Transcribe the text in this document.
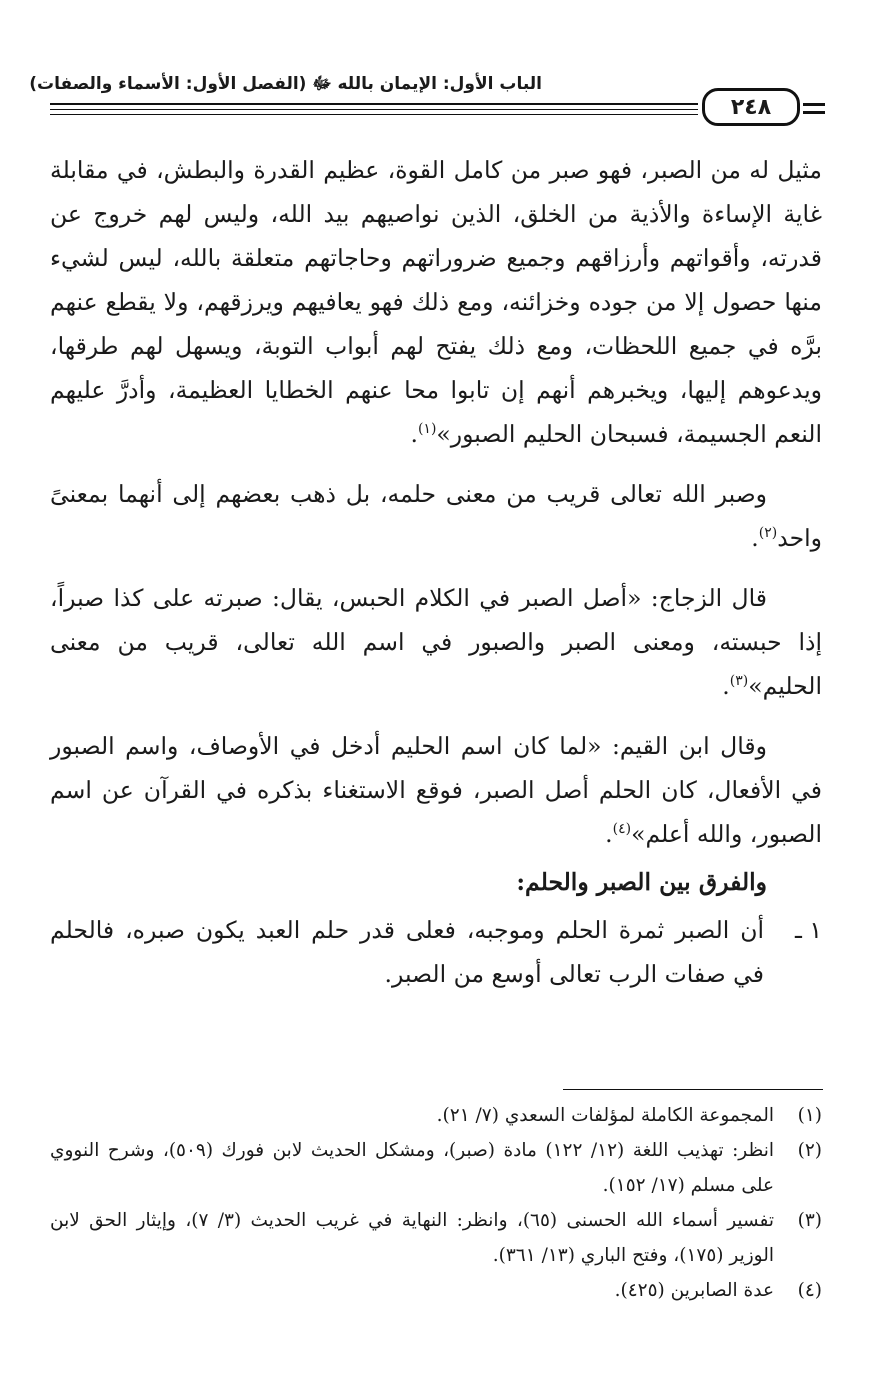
الباب الأول: الإيمان بالله ﷻ (الفصل الأول: الأسماء والصفات)
٢٤٨

مثيل له من الصبر، فهو صبر من كامل القوة، عظيم القدرة والبطش، في مقابلة غاية الإساءة والأذية من الخلق، الذين نواصيهم بيد الله، وليس لهم خروج عن قدرته، وأقواتهم وأرزاقهم وجميع ضروراتهم وحاجاتهم متعلقة بالله، ليس لشيء منها حصول إلا من جوده وخزائنه، ومع ذلك فهو يعافيهم ويرزقهم، ولا يقطع عنهم برَّه في جميع اللحظات، ومع ذلك يفتح لهم أبواب التوبة، ويسهل لهم طرقها، ويدعوهم إليها، ويخبرهم أنهم إن تابوا محا عنهم الخطايا العظيمة، وأدرَّ عليهم النعم الجسيمة، فسبحان الحليم الصبور»$^{(١)}$.

وصبر الله تعالى قريب من معنى حلمه، بل ذهب بعضهم إلى أنهما بمعنىً واحد$^{(٢)}$.

قال الزجاج: «أصل الصبر في الكلام الحبس، يقال: صبرته على كذا صبراً، إذا حبسته، ومعنى الصبر والصبور في اسم الله تعالى، قريب من معنى الحليم»$^{(٣)}$.

وقال ابن القيم: «لما كان اسم الحليم أدخل في الأوصاف، واسم الصبور في الأفعال، كان الحلم أصل الصبر، فوقع الاستغناء بذكره في القرآن عن اسم الصبور، والله أعلم»$^{(٤)}$.

والفرق بين الصبر والحلم:

١ ـ
أن الصبر ثمرة الحلم وموجبه، فعلى قدر حلم العبد يكون صبره، فالحلم في صفات الرب تعالى أوسع من الصبر.
(١)
المجموعة الكاملة لمؤلفات السعدي (٧/ ٢١).
(٢)
انظر: تهذيب اللغة (١٢/ ١٢٢) مادة (صبر)، ومشكل الحديث لابن فورك (٥٠٩)، وشرح النووي على مسلم (١٧/ ١٥٢).
(٣)
تفسير أسماء الله الحسنى (٦٥)، وانظر: النهاية في غريب الحديث (٣/ ٧)، وإيثار الحق لابن الوزير (١٧٥)، وفتح الباري (١٣/ ٣٦١).
(٤)
عدة الصابرين (٤٢٥).
